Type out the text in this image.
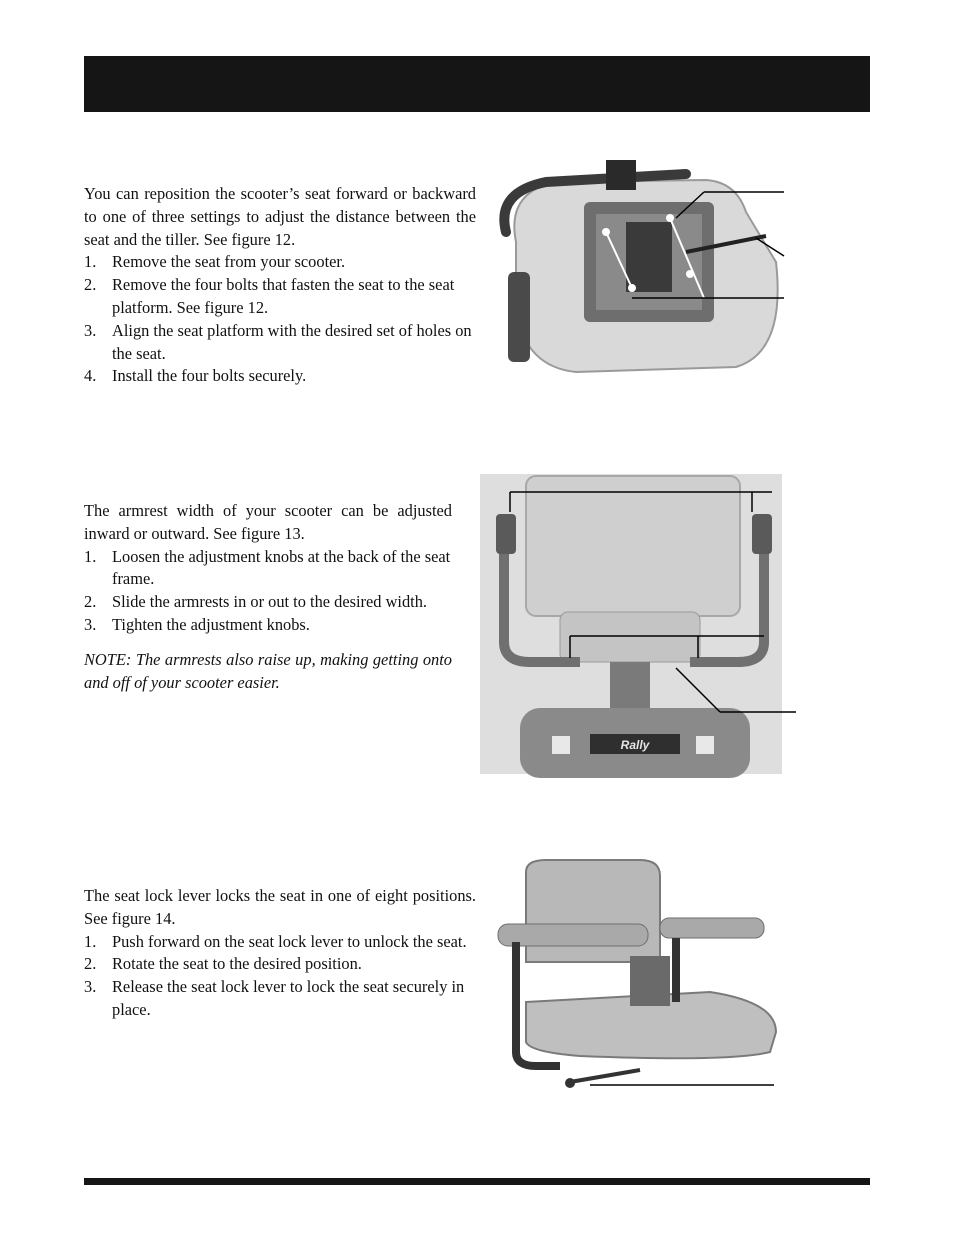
You can reposition the scooter’s seat forward or backward to one of three settings to adjust the distance between the seat and the tiller. See figure 12.

1. Remove the seat from your scooter.
2. Remove the four bolts that fasten the seat to the seat platform. See figure 12.
3. Align the seat platform with the desired set of holes on the seat.
4. Install the four bolts securely.

The armrest width of your scooter can be adjusted inward or outward. See figure 13.

1. Loosen the adjustment knobs at the back of the seat frame.
2. Slide the armrests in or out to the desired width.
3. Tighten the adjustment knobs.

NOTE: The armrests also raise up, making getting onto and off of your scooter easier.

Rally

The seat lock lever locks the seat in one of eight positions. See figure 14.

1. Push forward on the seat lock lever to unlock the seat.
2. Rotate the seat to the desired position.
3. Release the seat lock lever to lock the seat securely in place.
